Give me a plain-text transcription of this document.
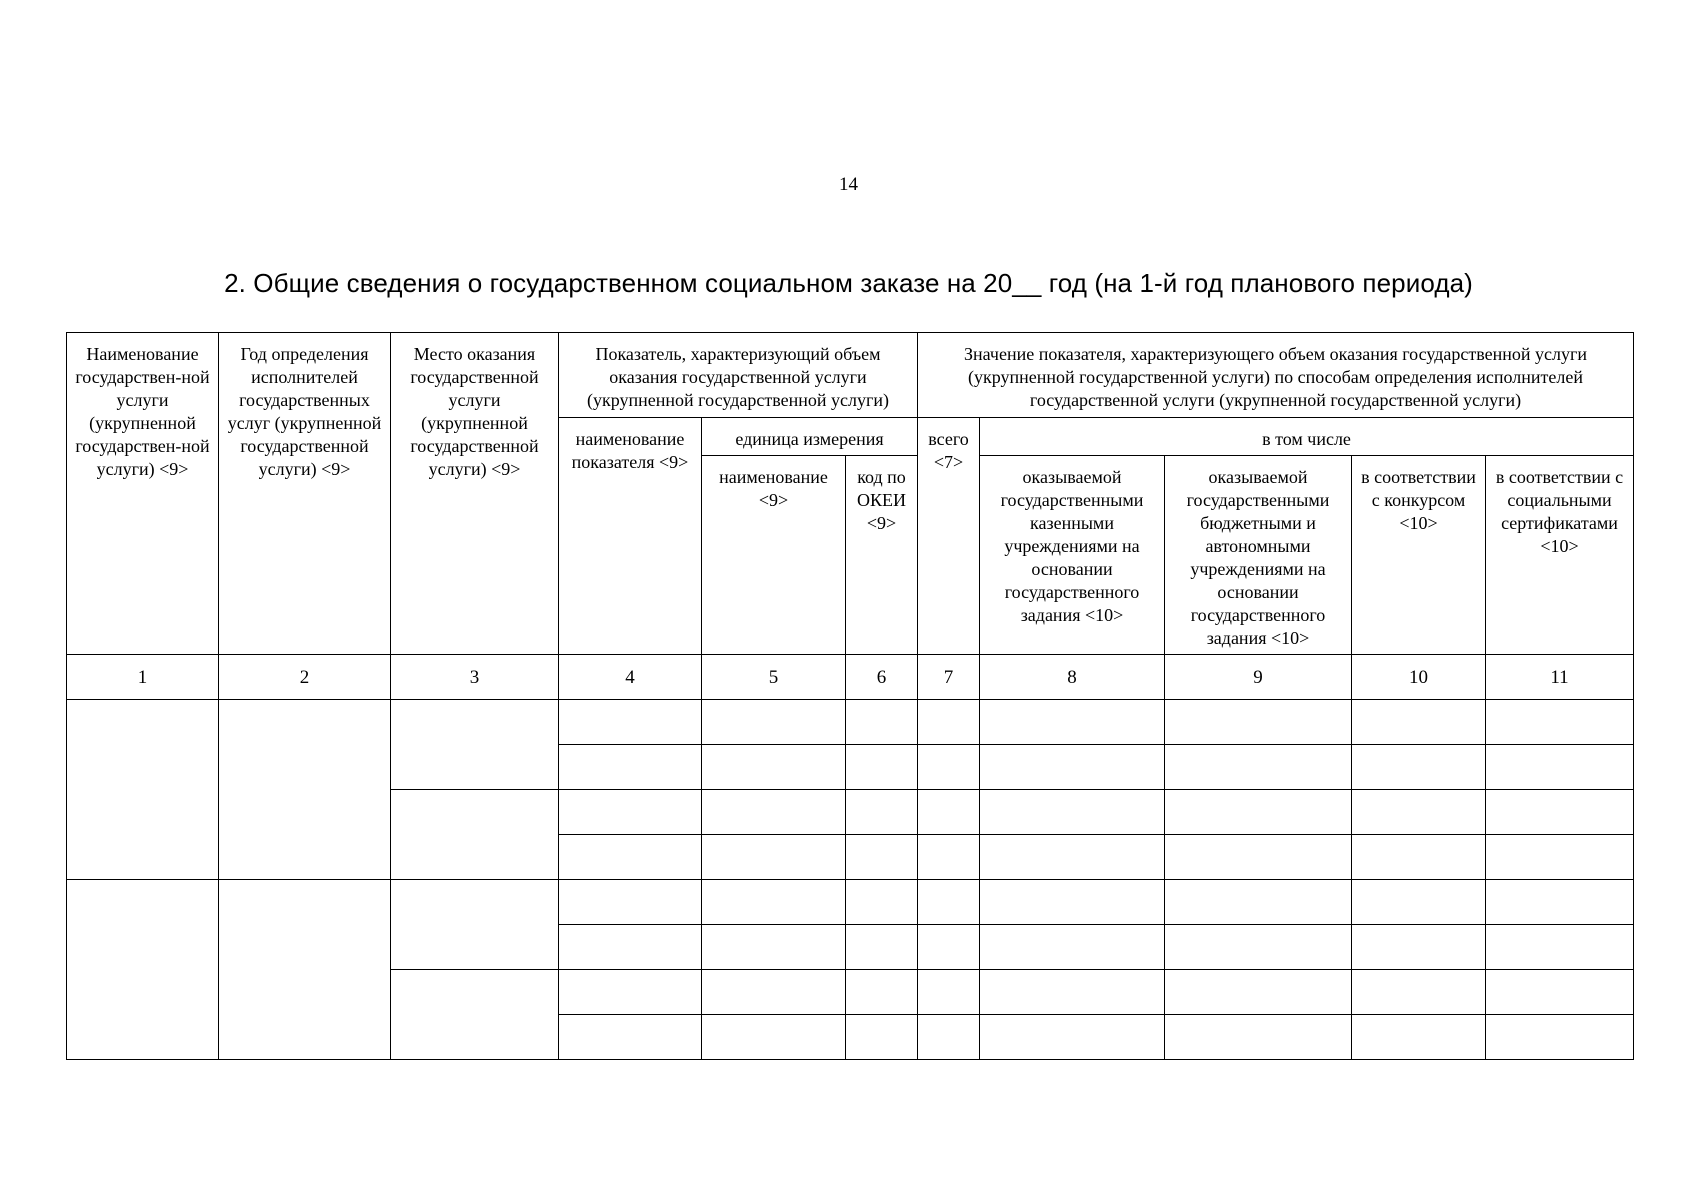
14
2. Общие сведения о государственном социальном заказе на 20__ год (на 1-й год планового периода)
Наименование государствен-ной услуги (укрупненной государствен-ной услуги) <9>	Год определения исполнителей государственных услуг (укрупненной государственной услуги) <9>	Место оказания государственной услуги (укрупненной государственной услуги) <9>	Показатель, характеризующий объем оказания государственной услуги (укрупненной государственной услуги)			Значение показателя, характеризующего объем оказания государственной услуги (укрупненной государственной услуги) по способам определения исполнителей государственной услуги (укрупненной государственной услуги)				
			наименование показателя <9>	единица измерения		всего <7>	в том числе			
				наименование <9>	код по ОКЕИ <9>		оказываемой государственными казенными учреждениями на основании государственного задания <10>	оказываемой государственными бюджетными и автономными учреждениями на основании государственного задания <10>	в соответствии с конкурсом <10>	в соответствии с социальными сертификатами <10>
1	2	3	4	5	6	7	8	9	10	11
